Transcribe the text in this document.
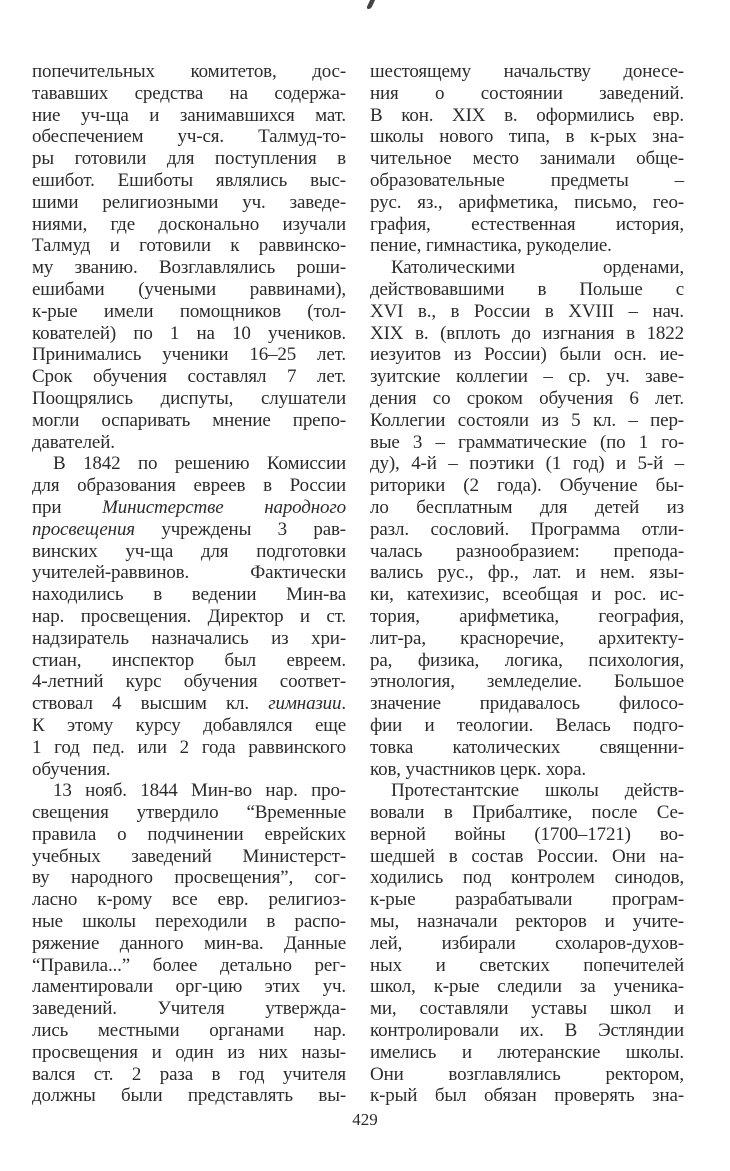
попечительных комитетов, дос-
тававших средства на содержа-
ние уч-ща и занимавшихся мат.
обеспечением уч-ся. Талмуд-то-
ры готовили для поступления в
ешибот. Ешиботы являлись выс-
шими религиозными уч. заведе-
ниями, где досконально изучали
Талмуд и готовили к раввинско-
му званию. Возглавлялись роши-
ешибами (учеными раввинами),
к-рые имели помощников (тол-
кователей) по 1 на 10 учеников.
Принимались ученики 16–25 лет.
Срок обучения составлял 7 лет.
Поощрялись диспуты, слушатели
могли оспаривать мнение препо-
давателей.
В 1842 по решению Комиссии
для образования евреев в России
при Министерстве народного
просвещения учреждены 3 рав-
винских уч-ща для подготовки
учителей-раввинов. Фактически
находились в ведении Мин-ва
нар. просвещения. Директор и ст.
надзиратель назначались из хри-
стиан, инспектор был евреем.
4-летний курс обучения соответ-
ствовал 4 высшим кл. гимназии.
К этому курсу добавлялся еще
1 год пед. или 2 года раввинского
обучения.
13 нояб. 1844 Мин-во нар. про-
свещения утвердило “Временные
правила о подчинении еврейских
учебных заведений Министерст-
ву народного просвещения”, сог-
ласно к-рому все евр. религиоз-
ные школы переходили в распо-
ряжение данного мин-ва. Данные
“Правила...” более детально рег-
ламентировали орг-цию этих уч.
заведений. Учителя утвержда-
лись местными органами нар.
просвещения и один из них назы-
вался ст. 2 раза в год учителя
должны были представлять вы-
шестоящему начальству донесе-
ния о состоянии заведений.
В кон. XIX в. оформились евр.
школы нового типа, в к-рых зна-
чительное место занимали обще-
образовательные предметы –
рус. яз., арифметика, письмо, гео-
графия, естественная история,
пение, гимнастика, рукоделие.
Католическими орденами,
действовавшими в Польше с
XVI в., в России в XVIII – нач.
XIX в. (вплоть до изгнания в 1822
иезуитов из России) были осн. ие-
зуитские коллегии – ср. уч. заве-
дения со сроком обучения 6 лет.
Коллегии состояли из 5 кл. – пер-
вые 3 – грамматические (по 1 го-
ду), 4-й – поэтики (1 год) и 5-й –
риторики (2 года). Обучение бы-
ло бесплатным для детей из
разл. сословий. Программа отли-
чалась разнообразием: препода-
вались рус., фр., лат. и нем. язы-
ки, катехизис, всеобщая и рос. ис-
тория, арифметика, география,
лит-ра, красноречие, архитекту-
ра, физика, логика, психология,
этнология, земледелие. Большое
значение придавалось филосо-
фии и теологии. Велась подго-
товка католических священни-
ков, участников церк. хора.
Протестантские школы действ-
вовали в Прибалтике, после Се-
верной войны (1700–1721) во-
шедшей в состав России. Они на-
ходились под контролем синодов,
к-рые разрабатывали програм-
мы, назначали ректоров и учите-
лей, избирали схоларов-духов-
ных и светских попечителей
школ, к-рые следили за ученика-
ми, составляли уставы школ и
контролировали их. В Эстляндии
имелись и лютеранские школы.
Они возглавлялись ректором,
к-рый был обязан проверять зна-
429
